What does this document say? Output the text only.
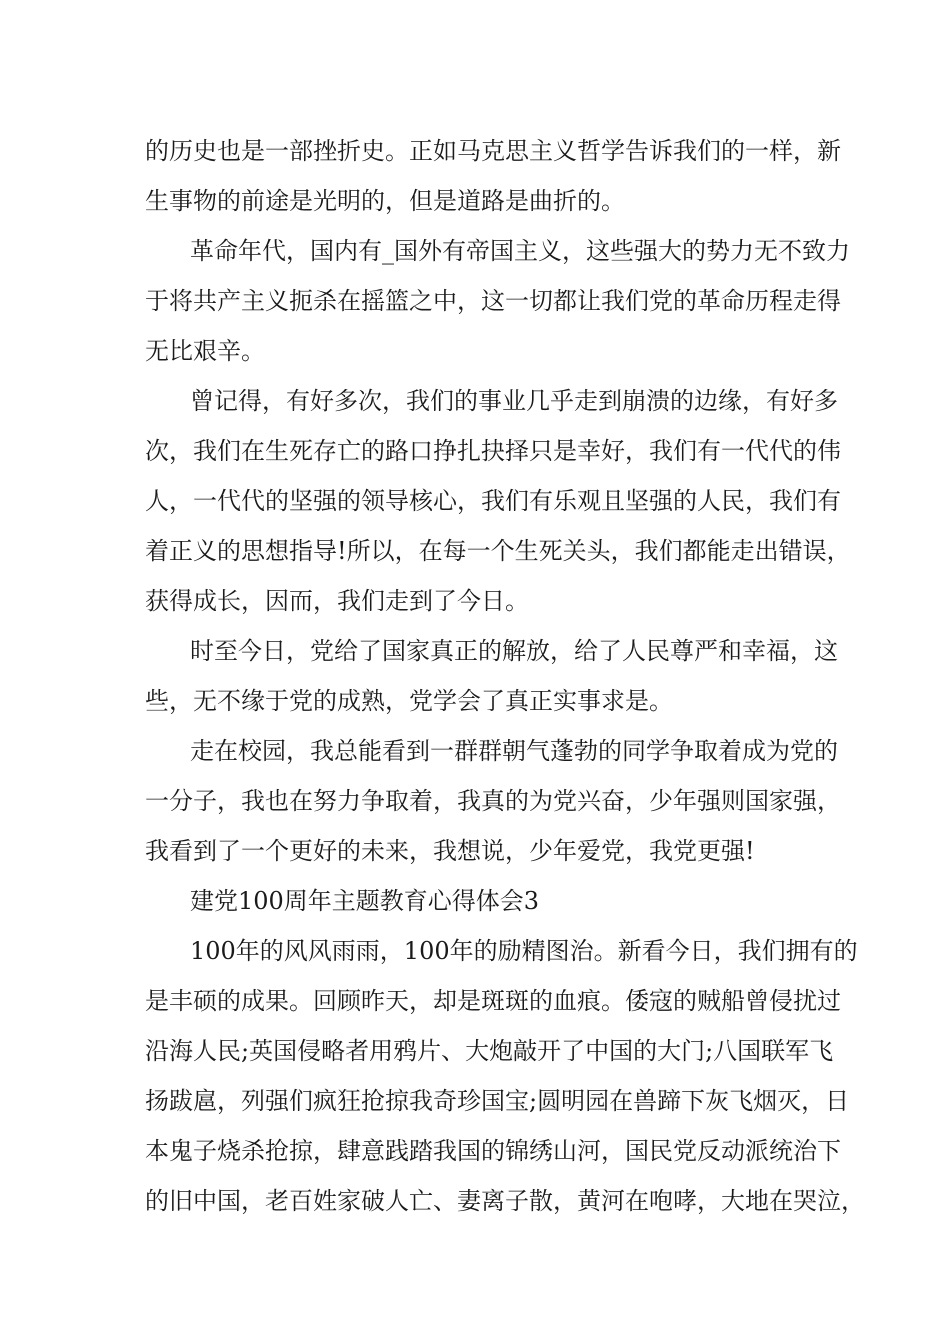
的历史也是一部挫折史。正如马克思主义哲学告诉我们的一样，新
生事物的前途是光明的，但是道路是曲折的。
革命年代，国内有_国外有帝国主义，这些强大的势力无不致力
于将共产主义扼杀在摇篮之中，这一切都让我们党的革命历程走得
无比艰辛。
曾记得，有好多次，我们的事业几乎走到崩溃的边缘，有好多
次，我们在生死存亡的路口挣扎抉择只是幸好，我们有一代代的伟
人，一代代的坚强的领导核心，我们有乐观且坚强的人民，我们有
着正义的思想指导!所以，在每一个生死关头，我们都能走出错误，
获得成长，因而，我们走到了今日。
时至今日，党给了国家真正的解放，给了人民尊严和幸福，这
些，无不缘于党的成熟，党学会了真正实事求是。
走在校园，我总能看到一群群朝气蓬勃的同学争取着成为党的
一分子，我也在努力争取着，我真的为党兴奋，少年强则国家强，
我看到了一个更好的未来，我想说，少年爱党，我党更强!
建党100周年主题教育心得体会3
100年的风风雨雨，100年的励精图治。新看今日，我们拥有的
是丰硕的成果。回顾昨天，却是斑斑的血痕。倭寇的贼船曾侵扰过
沿海人民;英国侵略者用鸦片、大炮敲开了中国的大门;八国联军飞
扬跋扈，列强们疯狂抢掠我奇珍国宝;圆明园在兽蹄下灰飞烟灭，日
本鬼子烧杀抢掠，肆意践踏我国的锦绣山河，国民党反动派统治下
的旧中国，老百姓家破人亡、妻离子散，黄河在咆哮，大地在哭泣，
